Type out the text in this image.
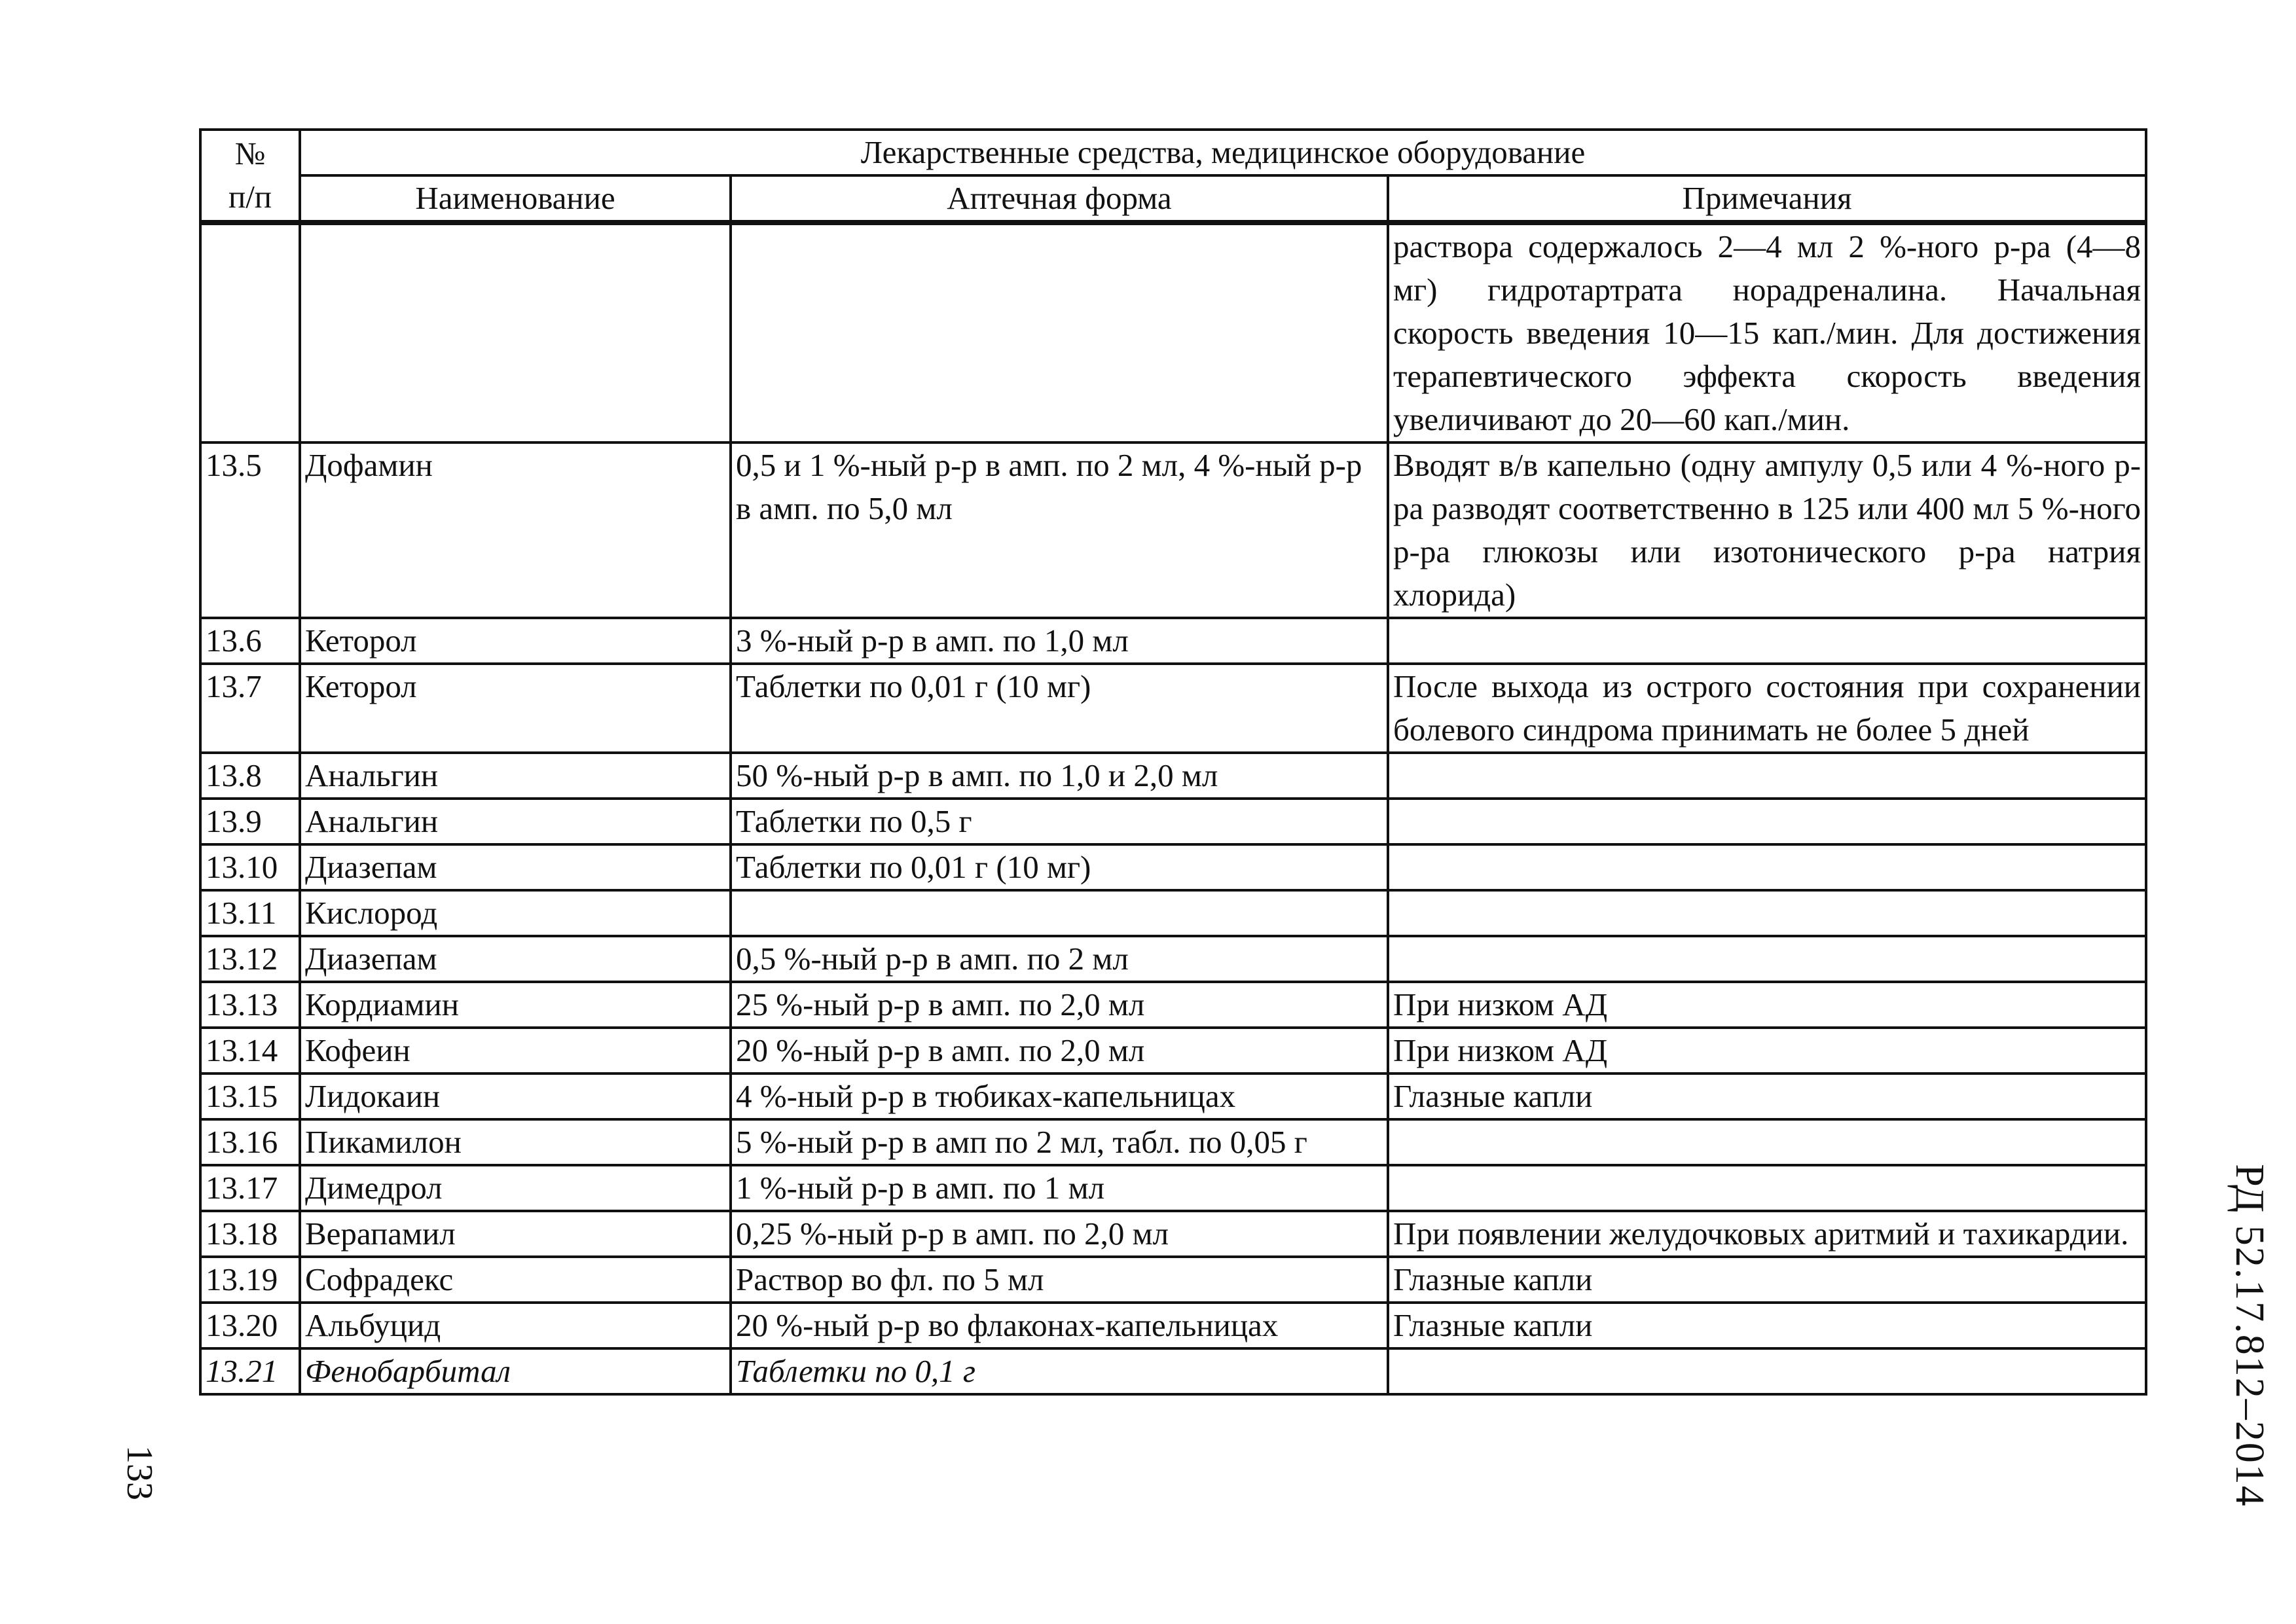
№
п/п	Лекарственные средства, медицинское оборудование		
	Наименование	Аптечная форма	Примечания
			раствора содержалось 2—4 мл 2 %-ного р-ра (4—8 мг) гидротартрата норадреналина. Начальная скорость введения 10—15 кап./мин. Для достижения терапевтического эффекта скорость введения увеличивают до 20—60 кап./мин.
13.5	Дофамин	0,5 и 1 %-ный р-р в амп. по 2 мл, 4 %-ный р-р в амп. по 5,0 мл	Вводят в/в капельно (одну ампулу 0,5 или 4 %-ного р-ра разводят соответственно в 125 или 400 мл 5 %-ного р-ра глюкозы или изотонического р-ра натрия хлорида)
13.6	Кеторол	3 %-ный р-р в амп. по 1,0 мл	
13.7	Кеторол	Таблетки по 0,01 г (10 мг)	После выхода из острого состояния при сохранении болевого синдрома принимать не более 5 дней
13.8	Анальгин	50 %-ный р-р в амп. по 1,0 и 2,0 мл	
13.9	Анальгин	Таблетки по 0,5 г	
13.10	Диазепам	Таблетки по 0,01 г (10 мг)	
13.11	Кислород		
13.12	Диазепам	0,5 %-ный р-р в амп. по 2 мл	
13.13	Кордиамин	25 %-ный р-р в амп. по 2,0 мл	При низком АД
13.14	Кофеин	20 %-ный р-р в амп. по 2,0 мл	При низком АД
13.15	Лидокаин	4 %-ный р-р в тюбиках-капельницах	Глазные капли
13.16	Пикамилон	5 %-ный р-р в амп по 2 мл, табл. по 0,05 г	
13.17	Димедрол	1 %-ный р-р в амп. по 1 мл	
13.18	Верапамил	0,25 %-ный р-р в амп. по 2,0 мл	При появлении желудочковых аритмий и тахикардии.
13.19	Софрадекс	Раствор во фл. по 5 мл	Глазные капли
13.20	Альбуцид	20 %-ный р-р во флаконах-капельницах	Глазные капли
13.21	Фенобарбитал	Таблетки по 0,1 г		РД 52.17.812–2014
133
